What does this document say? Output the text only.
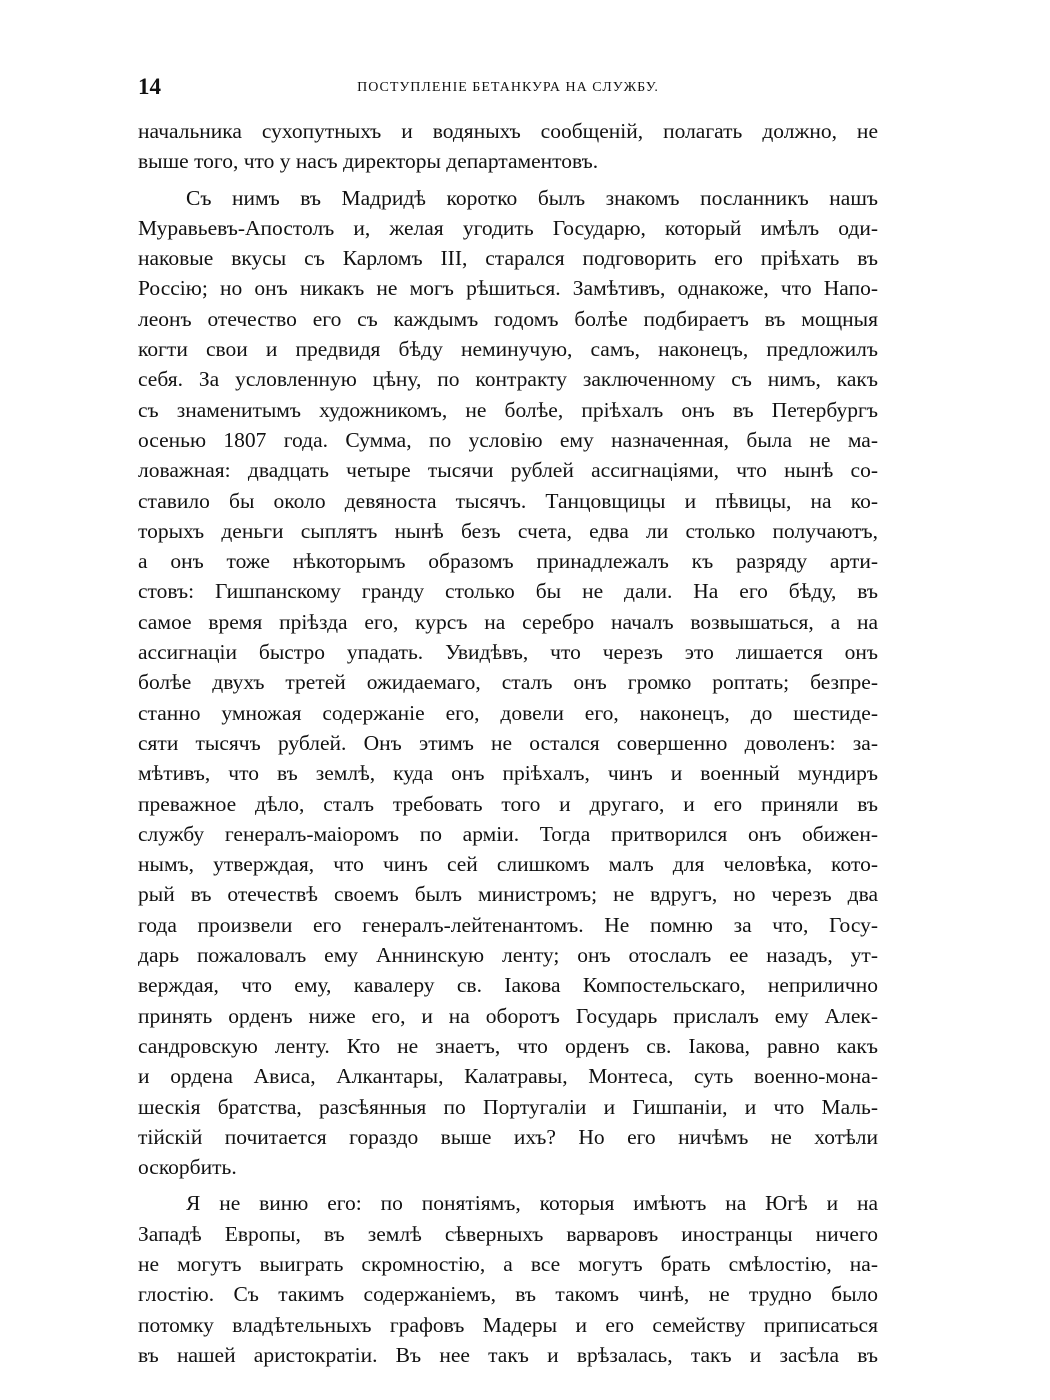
14	ПОСТУПЛЕНІЕ БЕТАНКУРА НА СЛУЖБУ.
начальника сухопутныхъ и водяныхъ сообщеній, полагать должно, не
выше того, что у насъ директоры департаментовъ.
Съ нимъ въ Мадридѣ коротко былъ знакомъ посланникъ нашъ
Муравьевъ-Апостолъ и, желая угодить Государю, который имѣлъ оди-
наковые вкусы съ Карломъ III, старался подговорить его пріѣхать въ
Россію; но онъ никакъ не могъ рѣшиться. Замѣтивъ, однакоже, что Напо-
леонъ отечество его съ каждымъ годомъ болѣе подбираетъ въ мощныя
когти свои и предвидя бѣду неминучую, самъ, наконецъ, предложилъ
себя. За условленную цѣну, по контракту заключенному съ нимъ, какъ
съ знаменитымъ художникомъ, не болѣе, пріѣхалъ онъ въ Петербургъ
осенью 1807 года. Сумма, по условію ему назначенная, была не ма-
ловажная: двадцать четыре тысячи рублей ассигнаціями, что нынѣ со-
ставило бы около девяноста тысячъ. Танцовщицы и пѣвицы, на ко-
торыхъ деньги сыплятъ нынѣ безъ счета, едва ли столько получаютъ,
а онъ тоже нѣкоторымъ образомъ принадлежалъ къ разряду арти-
стовъ: Гишпанскому гранду столько бы не дали. На его бѣду, въ
самое время пріѣзда его, курсъ на серебро началъ возвышаться, а на
ассигнаціи быстро упадать. Увидѣвъ, что черезъ это лишается онъ
болѣе двухъ третей ожидаемаго, сталъ онъ громко роптать; безпре-
станно умножая содержаніе его, довели его, наконецъ, до шестиде-
сяти тысячъ рублей. Онъ этимъ не остался совершенно доволенъ: за-
мѣтивъ, что въ землѣ, куда онъ пріѣхалъ, чинъ и военный мундиръ
преважное дѣло, сталъ требовать того и другаго, и его приняли въ
службу генералъ-маіоромъ по арміи. Тогда притворился онъ обижен-
нымъ, утверждая, что чинъ сей слишкомъ малъ для человѣка, кото-
рый въ отечествѣ своемъ былъ министромъ; не вдругъ, но черезъ два
года произвели его генералъ-лейтенантомъ. Не помню за что, Госу-
дарь пожаловалъ ему Аннинскую ленту; онъ отослалъ ее назадъ, ут-
верждая, что ему, кавалеру св. Іакова Компостельскаго, неприлично
принять орденъ ниже его, и на оборотъ Государь прислалъ ему Алек-
сандровскую ленту. Кто не знаетъ, что орденъ св. Іакова, равно какъ
и ордена Ависа, Алкантары, Калатравы, Монтеса, суть военно-мона-
шескія братства, разсѣянныя по Португаліи и Гишпаніи, и что Маль-
тійскій почитается гораздо выше ихъ? Но его ничѣмъ не хотѣли
оскорбить.
Я не виню его: по понятіямъ, которыя имѣютъ на Югѣ и на
Западѣ Европы, въ землѣ сѣверныхъ варваровъ иностранцы ничего
не могутъ выиграть скромностію, а все могутъ брать смѣлостію, на-
глостію. Съ такимъ содержаніемъ, въ такомъ чинѣ, не трудно было
потомку владѣтельныхъ графовъ Мадеры и его семейству приписаться
въ нашей аристократіи. Въ нее такъ и врѣзалась, такъ и засѣла въ
